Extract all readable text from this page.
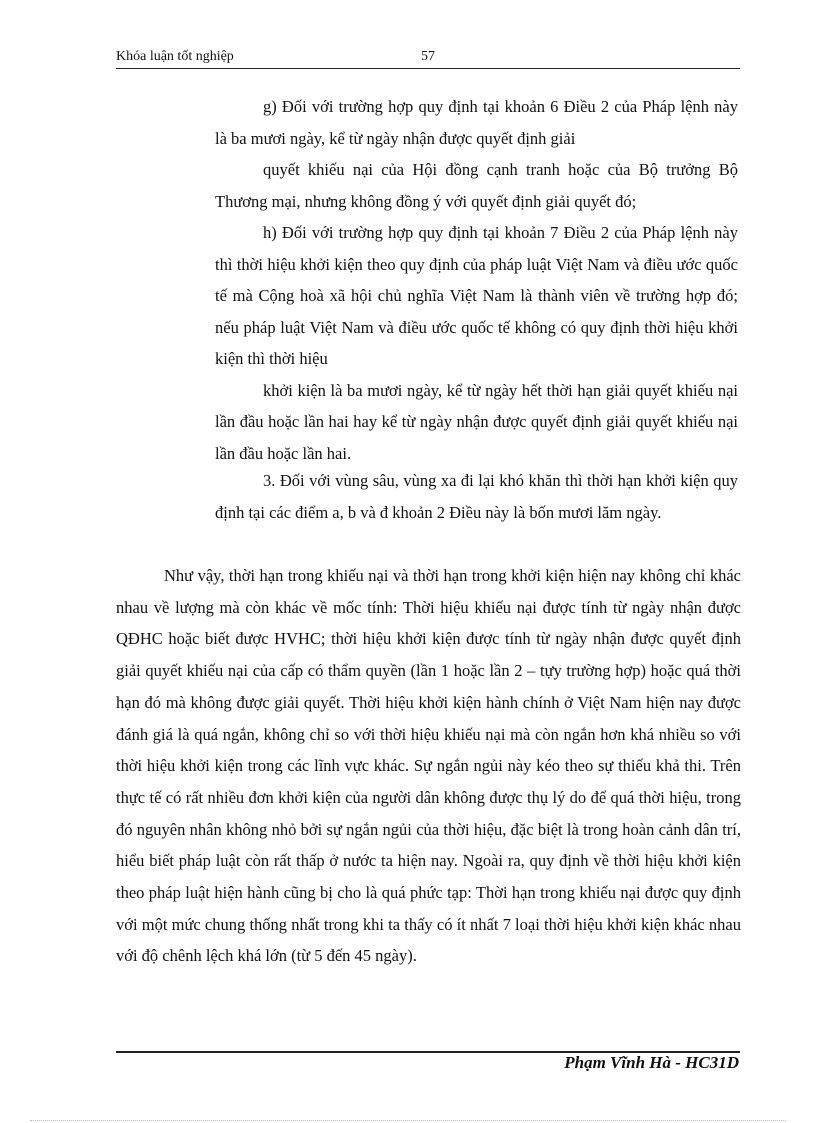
Khóa luận tốt nghiệp	57

g) Đối với trường hợp quy định tại khoản 6 Điều 2 của Pháp lệnh này là ba mươi ngày, kể từ ngày nhận được quyết định giải

quyết khiếu nại của Hội đồng cạnh tranh hoặc của Bộ trưởng Bộ Thương mại, nhưng không đồng ý với quyết định giải quyết đó;

h) Đối với trường hợp quy định tại khoản 7 Điều 2 của Pháp lệnh này thì thời hiệu khởi kiện theo quy định của pháp luật Việt Nam và điều ước quốc tế mà Cộng hoà xã hội chủ nghĩa Việt Nam là thành viên về trường hợp đó; nếu pháp luật Việt Nam và điều ước quốc tế không có quy định thời hiệu khởi kiện thì thời hiệu

khởi kiện là ba mươi ngày, kể từ ngày hết thời hạn giải quyết khiếu nại lần đầu hoặc lần hai hay kể từ ngày nhận được quyết định giải quyết khiếu nại lần đầu hoặc lần hai.

3. Đối với vùng sâu, vùng xa đi lại khó khăn thì thời hạn khởi kiện quy định tại các điểm a, b và đ khoản 2 Điều này là bốn mươi lăm ngày.

Như vậy, thời hạn trong khiếu nại và thời hạn trong khởi kiện hiện nay không chỉ khác nhau về lượng mà còn khác về mốc tính: Thời hiệu khiếu nại được tính từ ngày nhận được QĐHC hoặc biết được HVHC; thời hiệu khởi kiện được tính từ ngày nhận được quyết định giải quyết khiếu nại của cấp có thẩm quyền (lần 1 hoặc lần 2 – tựy trường hợp) hoặc quá thời hạn đó mà không được giải quyết. Thời hiệu khởi kiện hành chính ở Việt Nam hiện nay được đánh giá là quá ngắn, không chỉ so với thời hiệu khiếu nại mà còn ngắn hơn khá nhiều so với thời hiệu khởi kiện trong các lĩnh vực khác. Sự ngắn ngủi này kéo theo sự thiếu khả thi. Trên thực tế có rất nhiều đơn khởi kiện của người dân không được thụ lý do để quá thời hiệu, trong đó nguyên nhân không nhỏ bởi sự ngắn ngủi của thời hiệu, đặc biệt là trong hoàn cảnh dân trí, hiểu biết pháp luật còn rất thấp ở nước ta hiện nay. Ngoài ra, quy định về thời hiệu khởi kiện theo pháp luật hiện hành cũng bị cho là quá phức tạp: Thời hạn trong khiếu nại được quy định với một mức chung thống nhất trong khi ta thấy có ít nhất 7 loại thời hiệu khởi kiện khác nhau với độ chênh lệch khá lớn (từ 5 đến 45 ngày).

Phạm Vĩnh Hà - HC31D
